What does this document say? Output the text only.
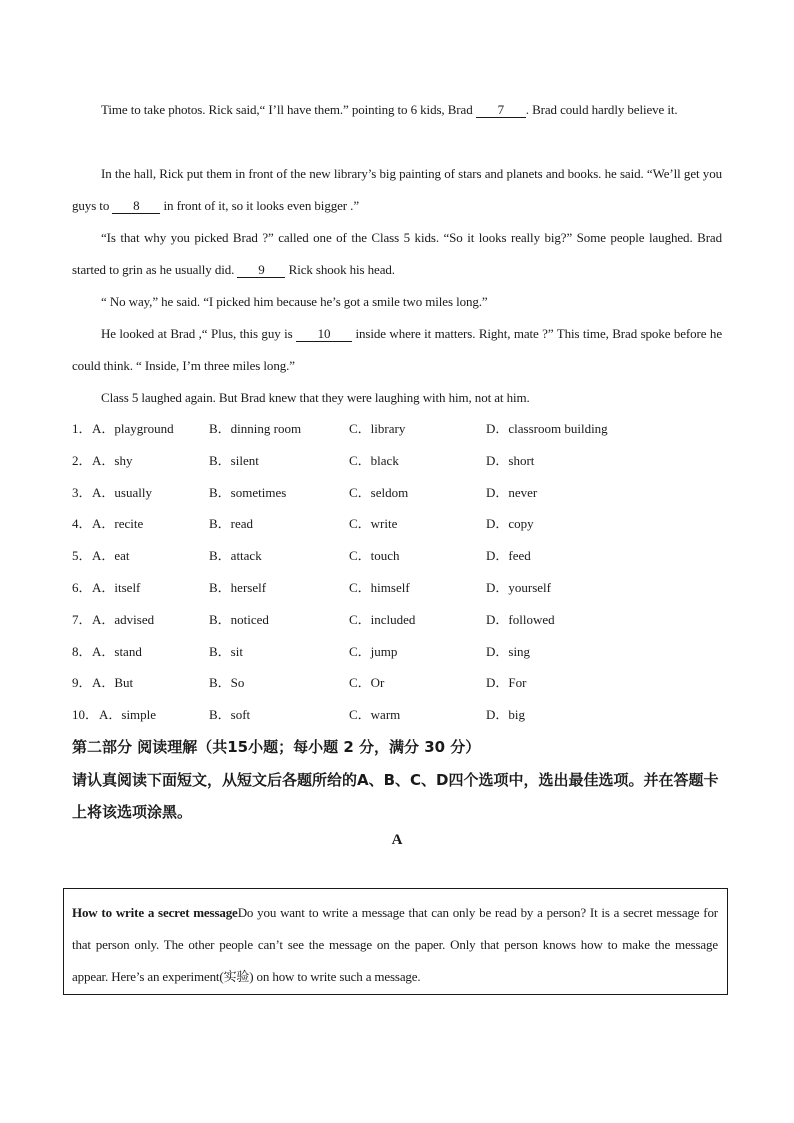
Time to take photos. Rick said,“ I’ll have them.” pointing to 6 kids, Brad 7 . Brad could hardly believe it.
In the hall, Rick put them in front of the new library’s big painting of stars and planets and books. he said. “We’ll get you guys to 8 in front of it, so it looks even bigger .”
“Is that why you picked Brad ?” called one of the Class 5 kids. “So it looks really big?” Some people laughed. Brad started to grin as he usually did. 9 Rick shook his head.
“ No way,” he said. “I picked him because he’s got a smile two miles long.”
He looked at Brad ,“ Plus, this guy is 10 inside where it matters. Right, mate ?” This time, Brad spoke before he could think. “ Inside, I’m three miles long.”
Class 5 laughed again. But Brad knew that they were laughing with him, not at him.
1． A．playground	B．dinning room	C．library	D．classroom building
2． A．shy	B．silent	C．black	D．short
3． A．usually	B．sometimes	C．seldom	D．never
4． A．recite	B．read	C．write	D．copy
5． A．eat	B．attack	C．touch	D．feed
6． A．itself	B．herself	C．himself	D．yourself
7． A．advised	B．noticed	C．included	D．followed
8． A．stand	B．sit	C．jump	D．sing
9． A．But	B．So	C．Or	D．For
10． A．simple	B．soft	C．warm	D．big
第二部分 阅读理解（共15小题；每小题 2 分，满分 30 分）
请认真阅读下面短文，从短文后各题所给的A、B、C、D四个选项中，选出最佳选项。并在答题卡上将该选项涂黑。
A
How to write a secret messageDo you want to write a message that can only be read by a person? It is a secret message for that person only. The other people can’t see the message on the paper. Only that person knows how to make the message appear. Here’s an experiment(实验) on how to write such a message.
